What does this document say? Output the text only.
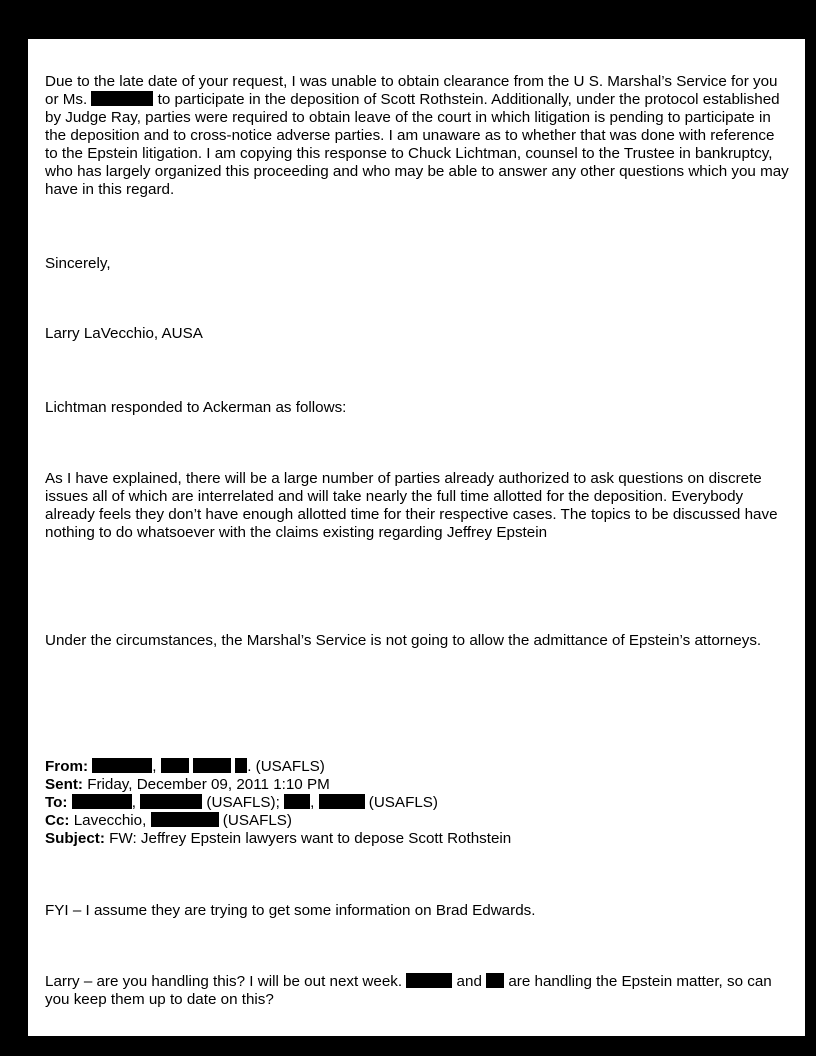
Due to the late date of your request, I was unable to obtain clearance from the U S. Marshal’s Service for you or Ms.	to participate in the deposition of Scott Rothstein. Additionally, under the protocol established by Judge Ray, parties were required to obtain leave of the court in which litigation is pending to participate in the deposition and to cross-notice adverse parties. I am unaware as to whether that was done with reference to the Epstein litigation. I am copying this response to Chuck Lichtman, counsel to the Trustee in bankruptcy, who has largely organized this proceeding and who may be able to answer any other questions which you may have in this regard.

Sincerely,

Larry LaVecchio, AUSA

Lichtman responded to Ackerman as follows:

As I have explained, there will be a large number of parties already authorized to ask questions on discrete issues all of which are interrelated and will take nearly the full time allotted for the deposition. Everybody already feels they don’t have enough allotted time for their respective cases. The topics to be discussed have nothing to do whatsoever with the claims existing regarding Jeffrey Epstein

Under the circumstances, the Marshal’s Service is not going to allow the admittance of Epstein’s attorneys.

From:	,	. (USAFLS)
Sent: Friday, December 09, 2011 1:10 PM
To:	,	(USAFLS); ,	(USAFLS)
Cc: Lavecchio,	(USAFLS)
Subject: FW: Jeffrey Epstein lawyers want to depose Scott Rothstein

FYI – I assume they are trying to get some information on Brad Edwards.

Larry – are you handling this? I will be out next week.	and  are handling the Epstein matter, so can you keep them up to date on this?
